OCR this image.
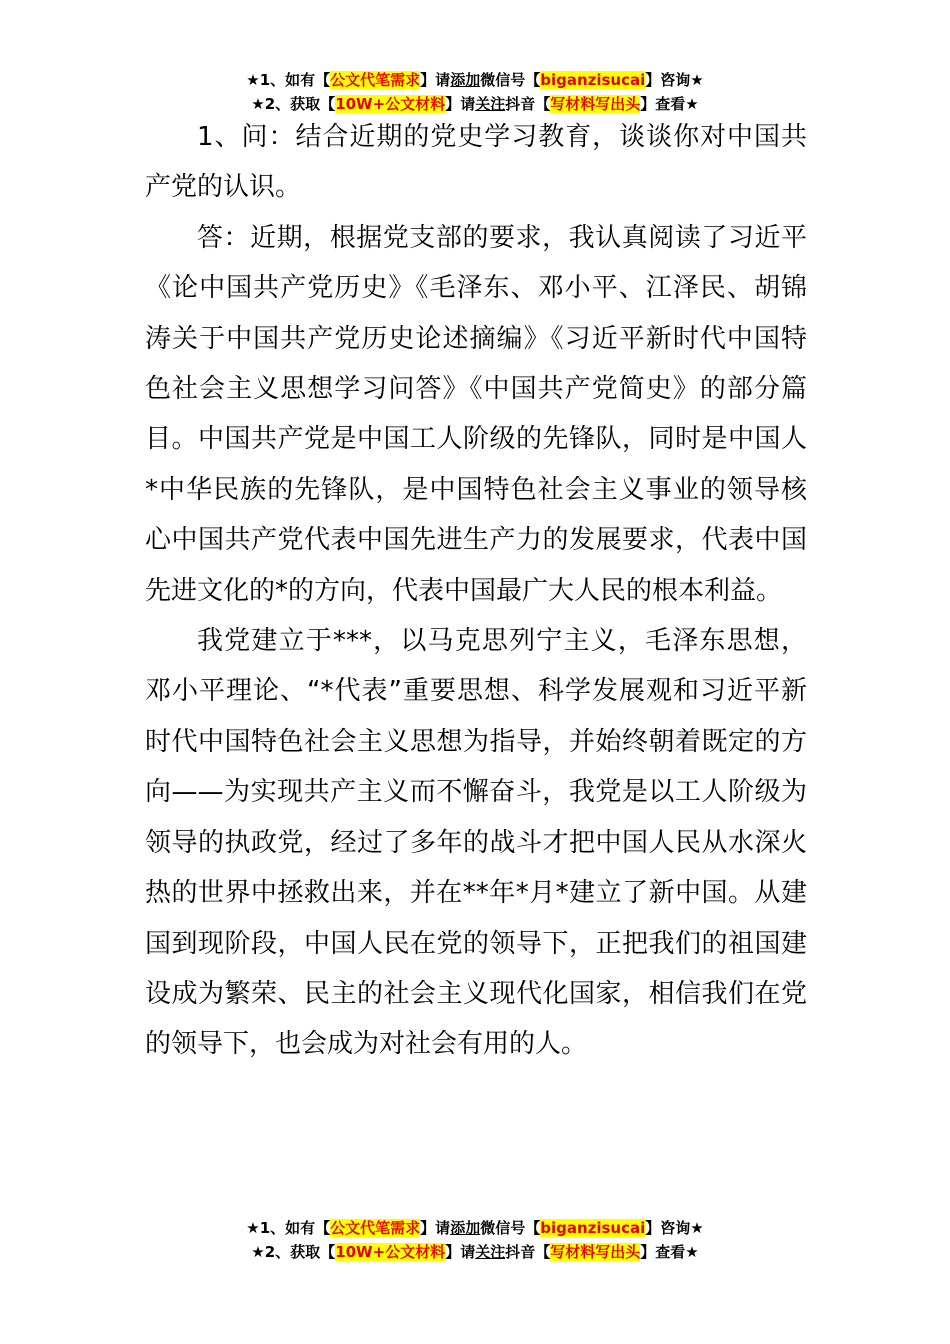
★1、如有【公文代笔需求】请添加微信号【biganzisucai】咨询★
★2、获取【10W+公文材料】请关注抖音【写材料写出头】查看★

1、问：结合近期的党史学习教育，谈谈你对中国共产党的认识。

答：近期，根据党支部的要求，我认真阅读了习近平《论中国共产党历史》《毛泽东、邓小平、江泽民、胡锦涛关于中国共产党历史论述摘编》《习近平新时代中国特色社会主义思想学习问答》《中国共产党简史》的部分篇目。中国共产党是中国工人阶级的先锋队，同时是中国人*中华民族的先锋队，是中国特色社会主义事业的领导核心中国共产党代表中国先进生产力的发展要求，代表中国先进文化的*的方向，代表中国最广大人民的根本利益。

我党建立于***，以马克思列宁主义，毛泽东思想，邓小平理论、“*代表”重要思想、科学发展观和习近平新时代中国特色社会主义思想为指导，并始终朝着既定的方向——为实现共产主义而不懈奋斗，我党是以工人阶级为领导的执政党，经过了多年的战斗才把中国人民从水深火热的世界中拯救出来，并在**年*月*建立了新中国。从建国到现阶段，中国人民在党的领导下，正把我们的祖国建设成为繁荣、民主的社会主义现代化国家，相信我们在党的领导下，也会成为对社会有用的人。

★1、如有【公文代笔需求】请添加微信号【biganzisucai】咨询★
★2、获取【10W+公文材料】请关注抖音【写材料写出头】查看★
